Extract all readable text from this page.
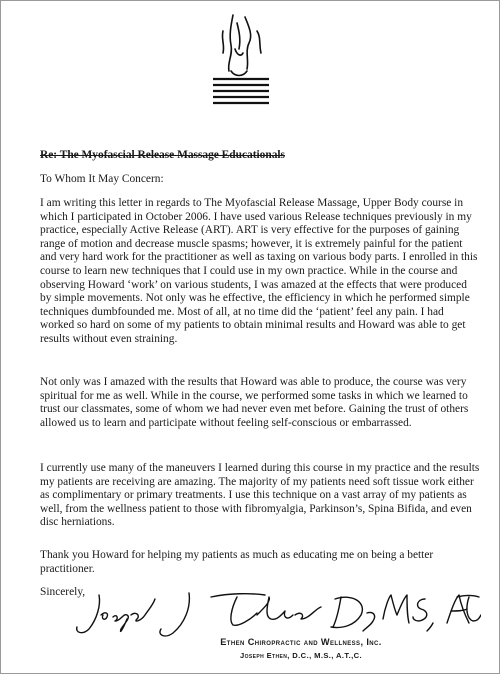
Re: The Myofascial Release Massage Educationals

To Whom It May Concern:

I am writing this letter in regards to The Myofascial Release Massage, Upper Body course in which I participated in October 2006. I have used various Release techniques previously in my practice, especially Active Release (ART). ART is very effective for the purposes of gaining range of motion and decrease muscle spasms; however, it is extremely painful for the patient and very hard work for the practitioner as well as taxing on various body parts. I enrolled in this course to learn new techniques that I could use in my own practice. While in the course and observing Howard ‘work’ on various students, I was amazed at the effects that were produced by simple movements. Not only was he effective, the efficiency in which he performed simple techniques dumbfounded me. Most of all, at no time did the ‘patient’ feel any pain. I had worked so hard on some of my patients to obtain minimal results and Howard was able to get results without even straining.

Not only was I amazed with the results that Howard was able to produce, the course was very spiritual for me as well. While in the course, we performed some tasks in which we learned to trust our classmates, some of whom we had never even met before. Gaining the trust of others allowed us to learn and participate without feeling self-conscious or embarrassed.

I currently use many of the maneuvers I learned during this course in my practice and the results my patients are receiving are amazing. The majority of my patients need soft tissue work either as complimentary or primary treatments. I use this technique on a vast array of my patients as well, from the wellness patient to those with fibromyalgia, Parkinson’s, Spina Bifida, and even disc herniations.

Thank you Howard for helping my patients as much as educating me on being a better practitioner.

Sincerely,

Ethen Chiropractic and Wellness, Inc.

Joseph Ethen, D.C., M.S., A.T.,C.
